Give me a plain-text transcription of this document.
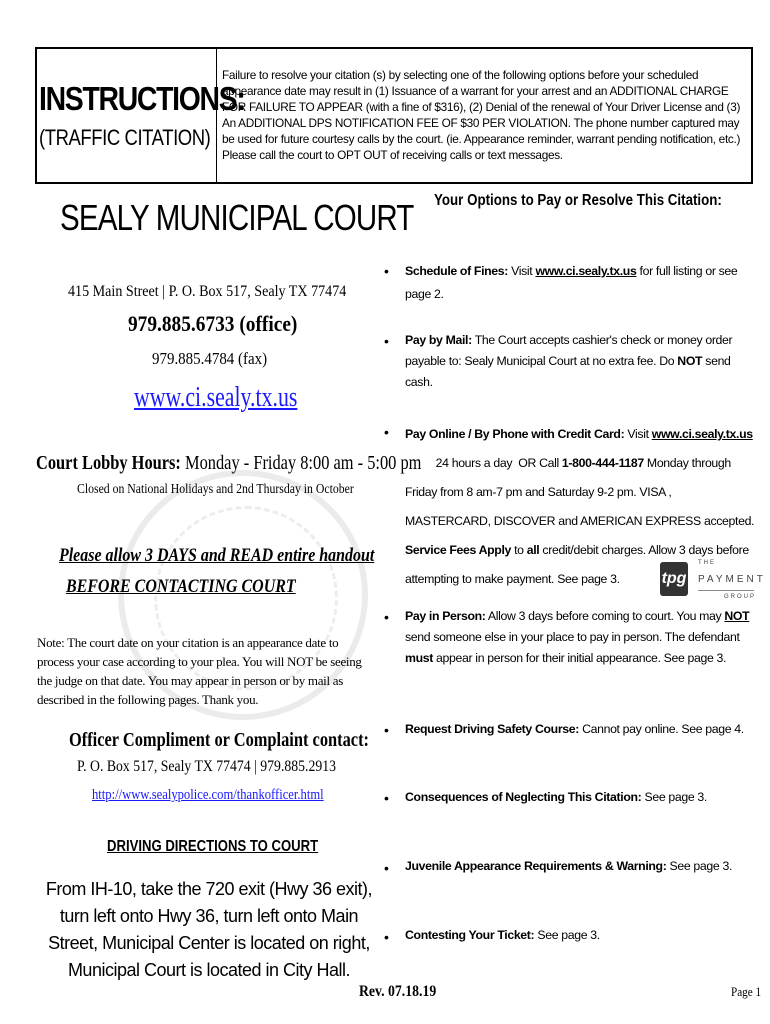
INSTRUCTIONS:
(TRAFFIC CITATION)
Failure to resolve your citation (s) by selecting one of the following options before your scheduled appearance date may result in (1) Issuance of a warrant for your arrest and an ADDITIONAL CHARGE FOR FAILURE TO APPEAR (with a fine of $316), (2) Denial of the renewal of Your Driver License and (3) An ADDITIONAL DPS NOTIFICATION FEE OF $30 PER VIOLATION. The phone number captured may be used for future courtesy calls by the court. (ie. Appearance reminder, warrant pending notification, etc.) Please call the court to OPT OUT of receiving calls or text messages.
SEALY MUNICIPAL COURT
415 Main Street | P. O. Box 517, Sealy TX 77474
979.885.6733 (office)
979.885.4784 (fax)
www.ci.sealy.tx.us
Court Lobby Hours: Monday - Friday 8:00 am - 5:00 pm
Closed on National Holidays and 2nd Thursday in October
Please allow 3 DAYS and READ entire handout
BEFORE CONTACTING COURT
Note: The court date on your citation is an appearance date to process your case according to your plea. You will NOT be seeing the judge on that date. You may appear in person or by mail as described in the following pages. Thank you.
Officer Compliment or Complaint contact:
P. O. Box 517, Sealy TX 77474 | 979.885.2913
http://www.sealypolice.com/thankofficer.html
DRIVING DIRECTIONS TO COURT
From IH-10, take the 720 exit (Hwy 36 exit), turn left onto Hwy 36, turn left onto Main Street, Municipal Center is located on right, Municipal Court is located in City Hall.
Your Options to Pay or Resolve This Citation:
• Schedule of Fines: Visit www.ci.sealy.tx.us for full listing or see page 2.
• Pay by Mail: The Court accepts cashier's check or money order payable to: Sealy Municipal Court at no extra fee. Do NOT send cash.
• Pay Online / By Phone with Credit Card: Visit www.ci.sealy.tx.us          24 hours a day  OR Call 1-800-444-1187 Monday through Friday from 8 am-7 pm and Saturday 9-2 pm. VISA , MASTERCARD, DISCOVER and AMERICAN EXPRESS accepted. Service Fees Apply to all credit/debit charges. Allow 3 days before attempting to make payment. See page 3.	tpg
THE
PAYMENT
GROUP
• Pay in Person: Allow 3 days before coming to court. You may NOT send someone else in your place to pay in person. The defendant must appear in person for their initial appearance. See page 3.
• Request Driving Safety Course: Cannot pay online. See page 4.
• Consequences of Neglecting This Citation: See page 3.
• Juvenile Appearance Requirements & Warning: See page 3.
• Contesting Your Ticket: See page 3.
Rev. 07.18.19	Page 1
